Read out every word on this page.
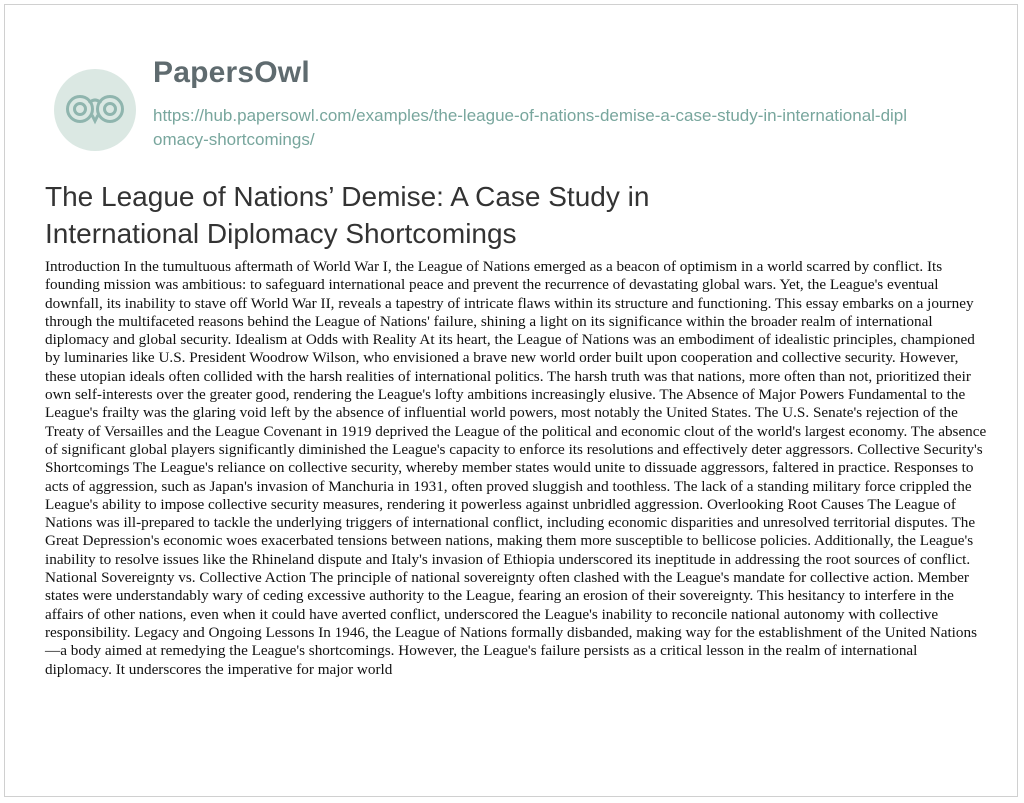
PapersOwl
https://hub.papersowl.com/examples/the-league-of-nations-demise-a-case-study-in-international-diplomacy-shortcomings/
The League of Nations’ Demise: A Case Study in International Diplomacy Shortcomings

Introduction In the tumultuous aftermath of World War I, the League of Nations emerged as a beacon of optimism in a world scarred by conflict. Its founding mission was ambitious: to safeguard international peace and prevent the recurrence of devastating global wars. Yet, the League's eventual downfall, its inability to stave off World War II, reveals a tapestry of intricate flaws within its structure and functioning. This essay embarks on a journey through the multifaceted reasons behind the League of Nations' failure, shining a light on its significance within the broader realm of international diplomacy and global security. Idealism at Odds with Reality At its heart, the League of Nations was an embodiment of idealistic principles, championed by luminaries like U.S. President Woodrow Wilson, who envisioned a brave new world order built upon cooperation and collective security. However, these utopian ideals often collided with the harsh realities of international politics. The harsh truth was that nations, more often than not, prioritized their own self-interests over the greater good, rendering the League's lofty ambitions increasingly elusive. The Absence of Major Powers Fundamental to the League's frailty was the glaring void left by the absence of influential world powers, most notably the United States. The U.S. Senate's rejection of the Treaty of Versailles and the League Covenant in 1919 deprived the League of the political and economic clout of the world's largest economy. The absence of significant global players significantly diminished the League's capacity to enforce its resolutions and effectively deter aggressors. Collective Security's Shortcomings The League's reliance on collective security, whereby member states would unite to dissuade aggressors, faltered in practice. Responses to acts of aggression, such as Japan's invasion of Manchuria in 1931, often proved sluggish and toothless. The lack of a standing military force crippled the League's ability to impose collective security measures, rendering it powerless against unbridled aggression. Overlooking Root Causes The League of Nations was ill-prepared to tackle the underlying triggers of international conflict, including economic disparities and unresolved territorial disputes. The Great Depression's economic woes exacerbated tensions between nations, making them more susceptible to bellicose policies. Additionally, the League's inability to resolve issues like the Rhineland dispute and Italy's invasion of Ethiopia underscored its ineptitude in addressing the root sources of conflict. National Sovereignty vs. Collective Action The principle of national sovereignty often clashed with the League's mandate for collective action. Member states were understandably wary of ceding excessive authority to the League, fearing an erosion of their sovereignty. This hesitancy to interfere in the affairs of other nations, even when it could have averted conflict, underscored the League's inability to reconcile national autonomy with collective responsibility. Legacy and Ongoing Lessons In 1946, the League of Nations formally disbanded, making way for the establishment of the United Nations—a body aimed at remedying the League's shortcomings. However, the League's failure persists as a critical lesson in the realm of international diplomacy. It underscores the imperative for major world
